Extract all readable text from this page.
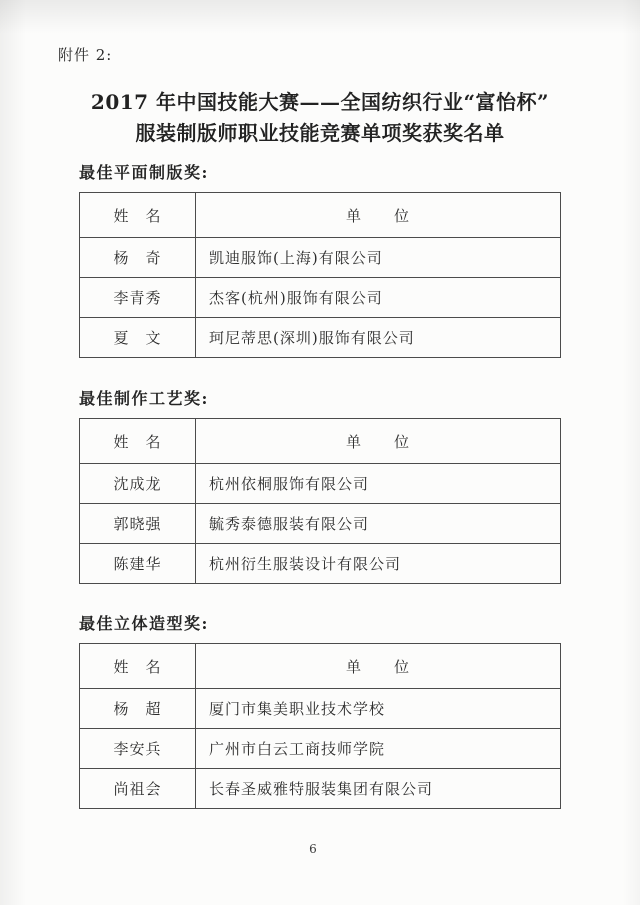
附件 2:
2017 年中国技能大赛——全国纺织行业“富怡杯”
服装制版师职业技能竞赛单项奖获奖名单
最佳平面制版奖:
姓　名	单　　位
杨　奇	凯迪服饰(上海)有限公司
李青秀	杰客(杭州)服饰有限公司
夏　文	珂尼蒂思(深圳)服饰有限公司
最佳制作工艺奖:
姓　名	单　　位
沈成龙	杭州依桐服饰有限公司
郭晓强	毓秀泰德服装有限公司
陈建华	杭州衍生服装设计有限公司
最佳立体造型奖:
姓　名	单　　位
杨　超	厦门市集美职业技术学校
李安兵	广州市白云工商技师学院
尚祖会	长春圣威雅特服装集团有限公司
6
